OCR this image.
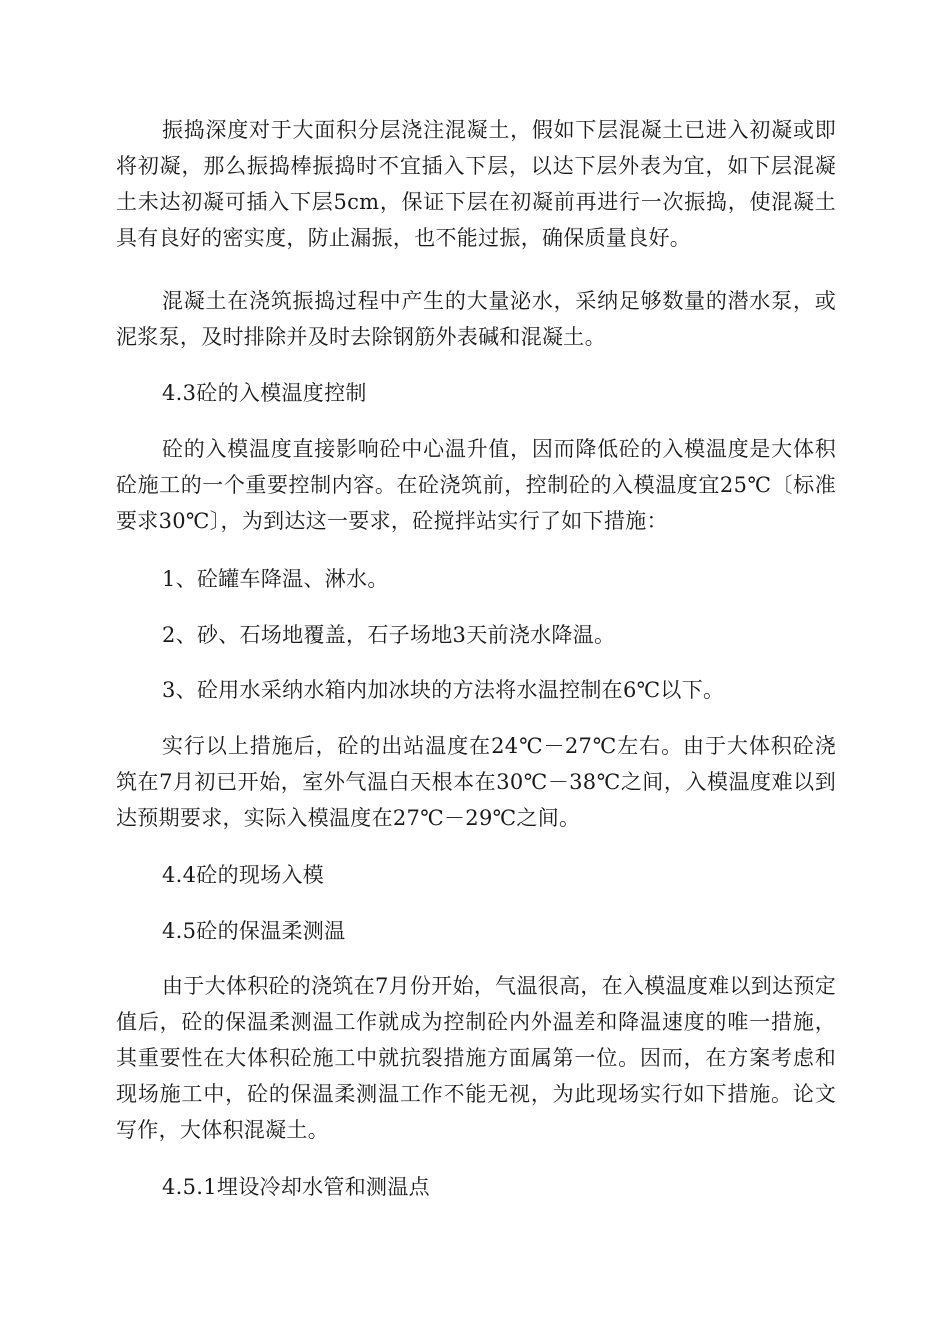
振捣深度对于大面积分层浇注混凝土，假如下层混凝土已进入初凝或即将初凝，那么振捣棒振捣时不宜插入下层，以达下层外表为宜，如下层混凝土未达初凝可插入下层5cm，保证下层在初凝前再进行一次振捣，使混凝土具有良好的密实度，防止漏振，也不能过振，确保质量良好。

混凝土在浇筑振捣过程中产生的大量泌水，采纳足够数量的潜水泵，或泥浆泵，及时排除并及时去除钢筋外表碱和混凝土。

4.3砼的入模温度控制

砼的入模温度直接影响砼中心温升值，因而降低砼的入模温度是大体积砼施工的一个重要控制内容。在砼浇筑前，控制砼的入模温度宜25℃〔标准要求30℃〕，为到达这一要求，砼搅拌站实行了如下措施：

1、砼罐车降温、淋水。

2、砂、石场地覆盖，石子场地3天前浇水降温。

3、砼用水采纳水箱内加冰块的方法将水温控制在6℃以下。

实行以上措施后，砼的出站温度在24℃－27℃左右。由于大体积砼浇筑在7月初已开始，室外气温白天根本在30℃－38℃之间，入模温度难以到达预期要求，实际入模温度在27℃－29℃之间。

4.4砼的现场入模

4.5砼的保温柔测温

由于大体积砼的浇筑在7月份开始，气温很高，在入模温度难以到达预定值后，砼的保温柔测温工作就成为控制砼内外温差和降温速度的唯一措施，其重要性在大体积砼施工中就抗裂措施方面属第一位。因而，在方案考虑和现场施工中，砼的保温柔测温工作不能无视，为此现场实行如下措施。论文写作，大体积混凝土。

4.5.1埋设冷却水管和测温点
